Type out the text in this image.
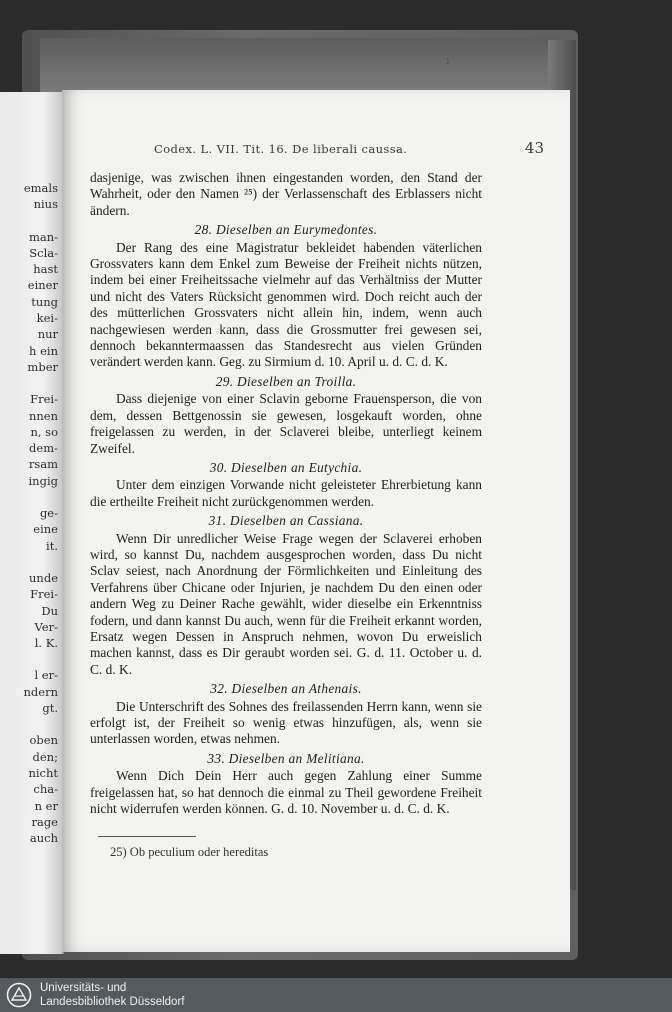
emals
nius
man-
Scla-
hast
einer
tung
kei-
nur
h ein
mber
Frei-
nnen
n, so
dem-
rsam
ingig
ge-
eine
it.
unde
Frei-
Du
Ver-
l. K.
l er-
ndern
gt.
oben
den;
nicht
cha-
n er
rage
auch
Codex. L. VII. Tit. 16. De liberali caussa.	43

dasjenige, was zwischen ihnen eingestanden worden, den Stand der Wahrheit, oder den Namen ²⁵) der Verlassenschaft des Erblassers nicht ändern.

28. Dieselben an Eurymedontes.

Der Rang des eine Magistratur bekleidet habenden väterlichen Grossvaters kann dem Enkel zum Beweise der Freiheit nichts nützen, indem bei einer Freiheitssache vielmehr auf das Verhältniss der Mutter und nicht des Vaters Rücksicht genommen wird. Doch reicht auch der des mütterlichen Grossvaters nicht allein hin, indem, wenn auch nachgewiesen werden kann, dass die Grossmutter frei gewesen sei, dennoch bekanntermaassen das Standesrecht aus vielen Gründen verändert werden kann. Geg. zu Sirmium d. 10. April u. d. C. d. K.

29. Dieselben an Troilla.

Dass diejenige von einer Sclavin geborne Frauensperson, die von dem, dessen Bettgenossin sie gewesen, losgekauft worden, ohne freigelassen zu werden, in der Sclaverei bleibe, unterliegt keinem Zweifel.

30. Dieselben an Eutychia.

Unter dem einzigen Vorwande nicht geleisteter Ehrerbietung kann die ertheilte Freiheit nicht zurückgenommen werden.

31. Dieselben an Cassiana.

Wenn Dir unredlicher Weise Frage wegen der Sclaverei erhoben wird, so kannst Du, nachdem ausgesprochen worden, dass Du nicht Sclav seiest, nach Anordnung der Förmlichkeiten und Einleitung des Verfahrens über Chicane oder Injurien, je nachdem Du den einen oder andern Weg zu Deiner Rache gewählt, wider dieselbe ein Erkenntniss fodern, und dann kannst Du auch, wenn für die Freiheit erkannt worden, Ersatz wegen Dessen in Anspruch nehmen, wovon Du erweislich machen kannst, dass es Dir geraubt worden sei. G. d. 11. October u. d. C. d. K.

32. Dieselben an Athenais.

Die Unterschrift des Sohnes des freilassenden Herrn kann, wenn sie erfolgt ist, der Freiheit so wenig etwas hinzufügen, als, wenn sie unterlassen worden, etwas nehmen.

33. Dieselben an Melitiana.

Wenn Dich Dein Herr auch gegen Zahlung einer Summe freigelassen hat, so hat dennoch die einmal zu Theil gewordene Freiheit nicht widerrufen werden können. G. d. 10. November u. d. C. d. K.

25) Ob peculium oder hereditas
ı
Universitäts- und
Landesbibliothek Düsseldorf
